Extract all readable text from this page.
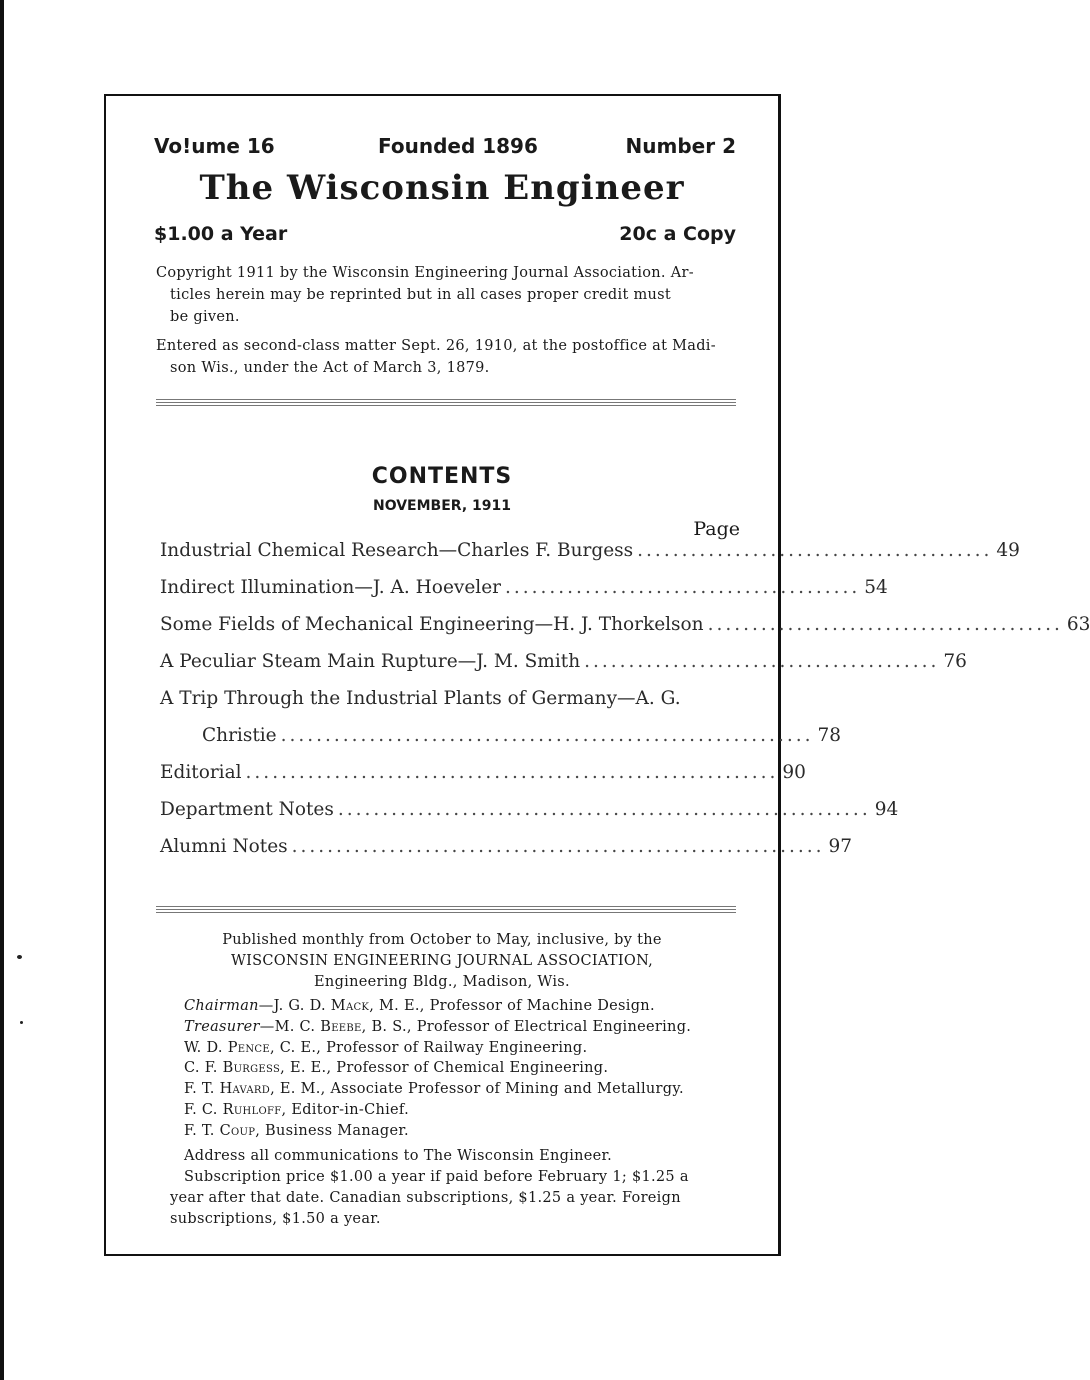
Vo!ume 16	Founded 1896	Number 2
The Wisconsin Engineer
$1.00 a Year	20c a Copy
Copyright 1911 by the Wisconsin Engineering Journal Association. Ar-
ticles herein may be reprinted but in all cases proper credit must
be given.
Entered as second-class matter Sept. 26, 1910, at the postoffice at Madi-
son Wis., under the Act of March 3, 1879.
CONTENTS
NOVEMBER, 1911
Page
Industrial Chemical Research—Charles F. Burgess ........................................ 49
Indirect Illumination—J. A. Hoeveler ........................................ 54
Some Fields of Mechanical Engineering—H. J. Thorkelson ........................................ 63
A Peculiar Steam Main Rupture—J. M. Smith ........................................ 76
A Trip Through the Industrial Plants of Germany—A. G.
Christie ............................................................ 78
Editorial ............................................................ 90
Department Notes ............................................................ 94
Alumni Notes ............................................................ 97
Published monthly from October to May, inclusive, by the
WISCONSIN ENGINEERING JOURNAL ASSOCIATION,
Engineering Bldg., Madison, Wis.
Chairman—J. G. D. Mack, M. E., Professor of Machine Design.
Treasurer—M. C. Beebe, B. S., Professor of Electrical Engineering.
W. D. Pence, C. E., Professor of Railway Engineering.
C. F. Burgess, E. E., Professor of Chemical Engineering.
F. T. Havard, E. M., Associate Professor of Mining and Metallurgy.
F. C. Ruhloff, Editor-in-Chief.
F. T. Coup, Business Manager.
Address all communications to The Wisconsin Engineer.
Subscription price $1.00 a year if paid before February 1; $1.25 a
year after that date. Canadian subscriptions, $1.25 a year. Foreign
subscriptions, $1.50 a year.
